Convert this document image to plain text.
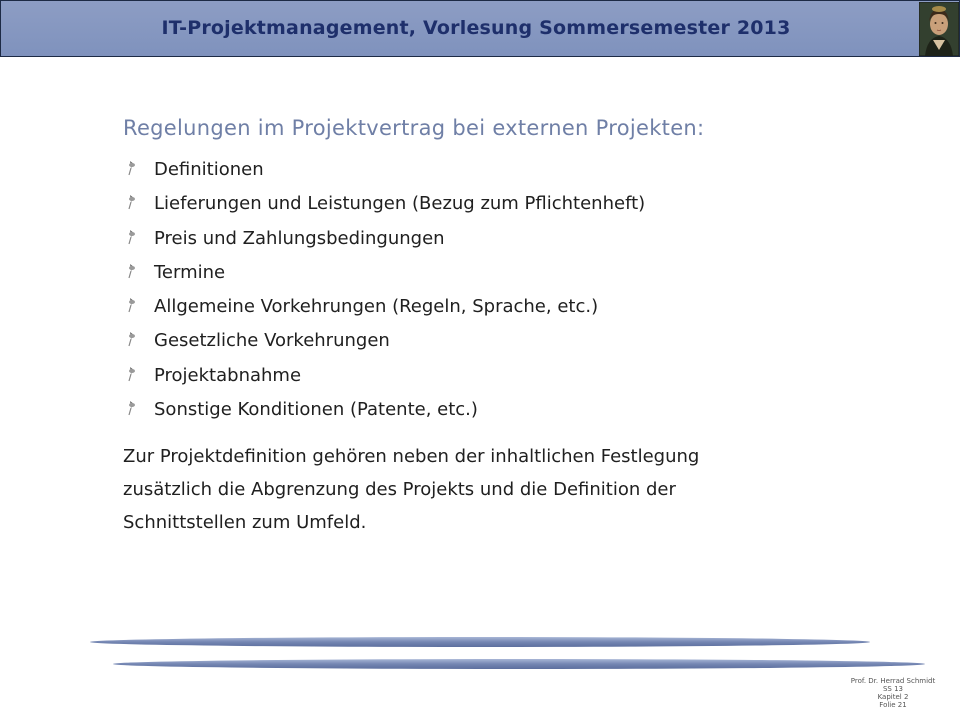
IT-Projektmanagement, Vorlesung Sommersemester 2013
Regelungen im Projektvertrag bei externen Projekten:
Definitionen
Lieferungen und Leistungen (Bezug zum Pflichtenheft)
Preis und Zahlungsbedingungen
Termine
Allgemeine Vorkehrungen (Regeln, Sprache, etc.)
Gesetzliche Vorkehrungen
Projektabnahme
Sonstige Konditionen (Patente, etc.)
Zur Projektdefinition gehören neben der inhaltlichen Festlegung
zusätzlich die Abgrenzung des Projekts und die Definition der
Schnittstellen zum Umfeld.
Prof. Dr. Herrad Schmidt
SS 13
Kapitel 2
Folie 21
